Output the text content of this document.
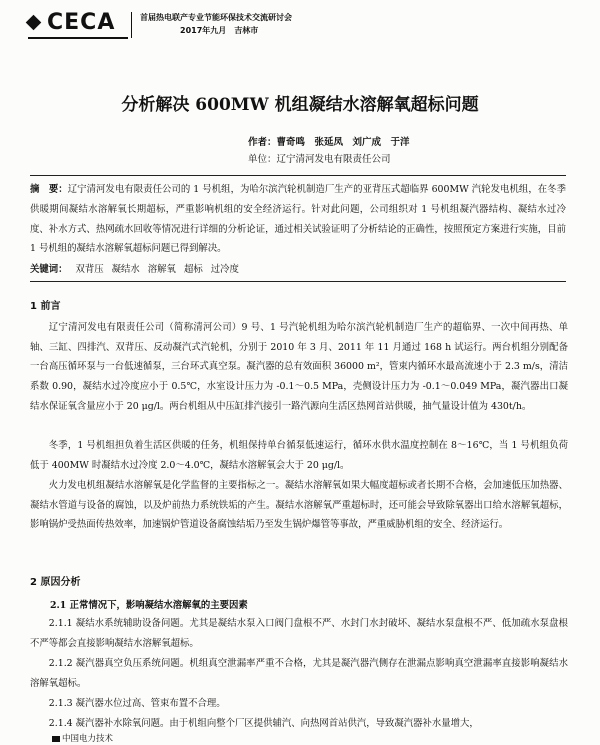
CECA	首届热电联产专业节能环保技术交流研讨会
2017年九月　吉林市
分析解决 600MW 机组凝结水溶解氧超标问题
作者：曹奇鸣　张延凤　刘广成　于洋
单位：辽宁清河发电有限责任公司
摘　要：辽宁清河发电有限责任公司的 1 号机组，为哈尔滨汽轮机制造厂生产的亚背压式超临界 600MW 汽轮发电机组，在冬季供暖期间凝结水溶解氧长期超标，严重影响机组的安全经济运行。针对此问题，公司组织对 1 号机组凝汽器结构、凝结水过冷度、补水方式、热网疏水回收等情况进行详细的分析论证，通过相关试验证明了分析结论的正确性，按照预定方案进行实施，目前 1 号机组的凝结水溶解氧超标问题已得到解决。
关键词： 双背压 凝结水 溶解氧 超标 过冷度
1 前言
辽宁清河发电有限责任公司（简称清河公司）9 号、1 号汽轮机组为哈尔滨汽轮机制造厂生产的超临界、一次中间再热、单轴、三缸、四排汽、双背压、反动凝汽式汽轮机，分别于 2010 年 3 月、2011 年 11 月通过 168 h 试运行。两台机组分别配备一台高压循环泵与一台低速循泵，三台环式真空泵。凝汽器的总有效面积 36000 m²，管束内循环水最高流速小于 2.3 m/s，清洁系数 0.90，凝结水过冷度应小于 0.5℃，水室设计压力为 -0.1～0.5 MPa，壳侧设计压力为 -0.1～0.049 MPa，凝汽器出口凝结水保证氧含量应小于 20 μg/l。两台机组从中压缸排汽接引一路汽源向生活区热网首站供暖，抽气量设计值为 430t/h。
冬季，1 号机组担负着生活区供暖的任务，机组保持单台循泵低速运行，循环水供水温度控制在 8～16℃，当 1 号机组负荷低于 400MW 时凝结水过冷度 2.0～4.0℃，凝结水溶解氧会大于 20 μg/l。
火力发电机组凝结水溶解氧是化学监督的主要指标之一。凝结水溶解氧如果大幅度超标或者长期不合格，会加速低压加热器、凝结水管道与设备的腐蚀，以及炉前热力系统铁垢的产生。凝结水溶解氧严重超标时，还可能会导致除氧器出口给水溶解氧超标，影响锅炉受热面传热效率，加速锅炉管道设备腐蚀结垢乃至发生锅炉爆管等事故，严重威胁机组的安全、经济运行。
2 原因分析
2.1 正常情况下，影响凝结水溶解氧的主要因素
2.1.1 凝结水系统辅助设备问题。尤其是凝结水泵入口阀门盘根不严、水封门水封破坏、凝结水泵盘根不严、低加疏水泵盘根不严等都会直接影响凝结水溶解氧超标。
2.1.2 凝汽器真空负压系统问题。机组真空泄漏率严重不合格，尤其是凝汽器汽侧存在泄漏点影响真空泄漏率直接影响凝结水溶解氧超标。
2.1.3 凝汽器水位过高、管束布置不合理。
2.1.4 凝汽器补水除氧问题。由于机组向整个厂区提供辅汽、向热网首站供汽，导致凝汽器补水量增大，
中国电力技术
